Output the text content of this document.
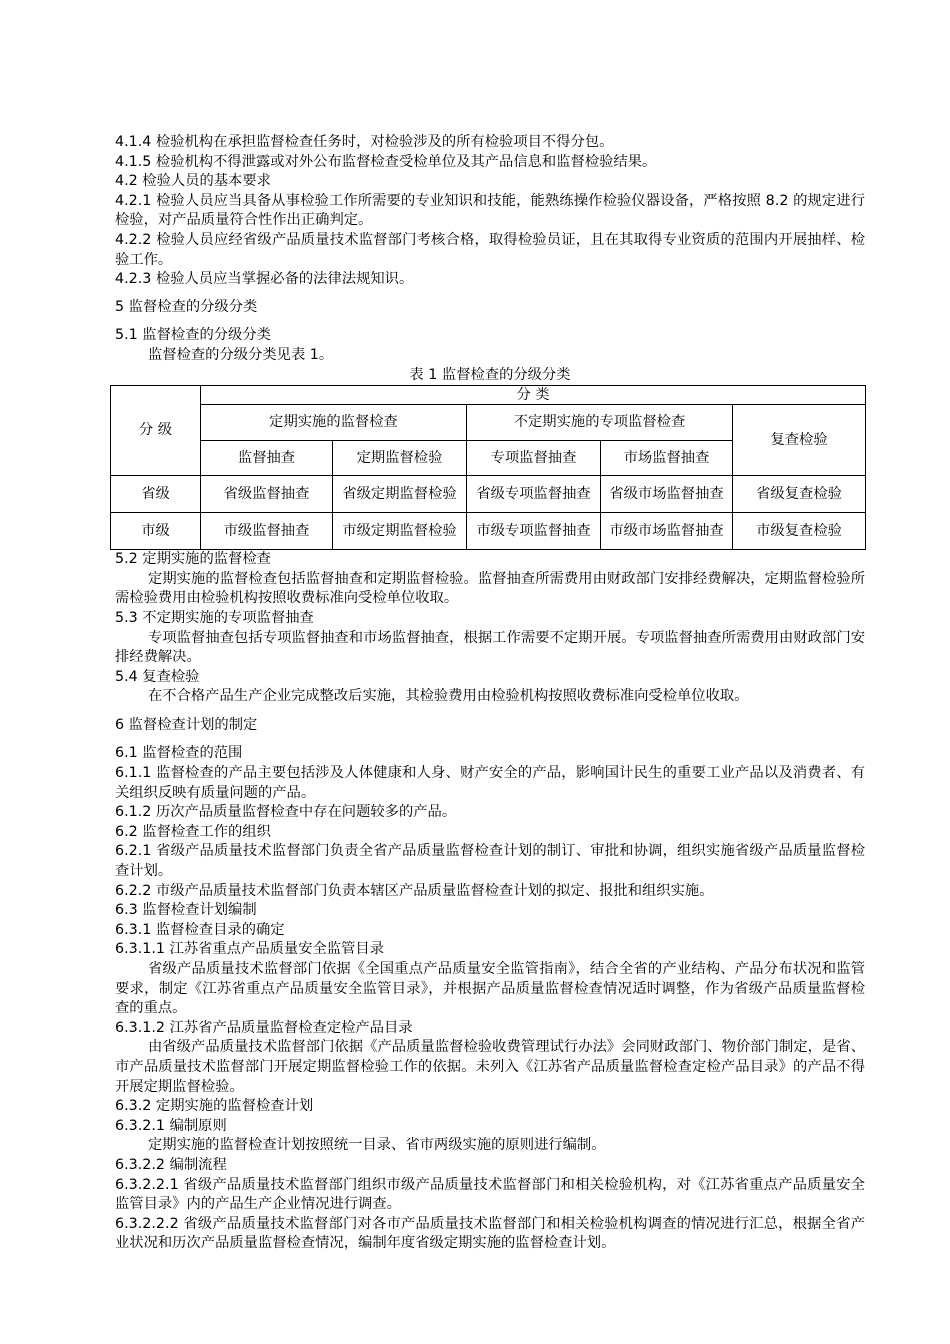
4.1.4 检验机构在承担监督检查任务时，对检验涉及的所有检验项目不得分包。

4.1.5 检验机构不得泄露或对外公布监督检查受检单位及其产品信息和监督检验结果。

4.2 检验人员的基本要求

4.2.1 检验人员应当具备从事检验工作所需要的专业知识和技能，能熟练操作检验仪器设备，严格按照 8.2 的规定进行检验，对产品质量符合性作出正确判定。

4.2.2 检验人员应经省级产品质量技术监督部门考核合格，取得检验员证，且在其取得专业资质的范围内开展抽样、检验工作。

4.2.3 检验人员应当掌握必备的法律法规知识。

5 监督检查的分级分类

5.1 监督检查的分级分类

监督检查的分级分类见表 1。

表 1 监督检查的分级分类
分 级	分 类				
	定期实施的监督检查		不定期实施的专项监督检查		复查检验
	监督抽查	定期监督检验	专项监督抽查	市场监督抽查	
省级	省级监督抽查	省级定期监督检验	省级专项监督抽查	省级市场监督抽查	省级复查检验
市级	市级监督抽查	市级定期监督检验	市级专项监督抽查	市级市场监督抽查	市级复查检验

5.2 定期实施的监督检查

定期实施的监督检查包括监督抽查和定期监督检验。监督抽查所需费用由财政部门安排经费解决，定期监督检验所需检验费用由检验机构按照收费标准向受检单位收取。

5.3 不定期实施的专项监督抽查

专项监督抽查包括专项监督抽查和市场监督抽查，根据工作需要不定期开展。专项监督抽查所需费用由财政部门安排经费解决。

5.4 复查检验

在不合格产品生产企业完成整改后实施，其检验费用由检验机构按照收费标准向受检单位收取。

6 监督检查计划的制定

6.1 监督检查的范围

6.1.1 监督检查的产品主要包括涉及人体健康和人身、财产安全的产品，影响国计民生的重要工业产品以及消费者、有关组织反映有质量问题的产品。

6.1.2 历次产品质量监督检查中存在问题较多的产品。

6.2 监督检查工作的组织

6.2.1 省级产品质量技术监督部门负责全省产品质量监督检查计划的制订、审批和协调，组织实施省级产品质量监督检查计划。

6.2.2 市级产品质量技术监督部门负责本辖区产品质量监督检查计划的拟定、报批和组织实施。

6.3 监督检查计划编制

6.3.1 监督检查目录的确定

6.3.1.1 江苏省重点产品质量安全监管目录

省级产品质量技术监督部门依据《全国重点产品质量安全监管指南》，结合全省的产业结构、产品分布状况和监管要求，制定《江苏省重点产品质量安全监管目录》，并根据产品质量监督检查情况适时调整，作为省级产品质量监督检查的重点。

6.3.1.2 江苏省产品质量监督检查定检产品目录

由省级产品质量技术监督部门依据《产品质量监督检验收费管理试行办法》会同财政部门、物价部门制定，是省、市产品质量技术监督部门开展定期监督检验工作的依据。未列入《江苏省产品质量监督检查定检产品目录》的产品不得开展定期监督检验。

6.3.2 定期实施的监督检查计划

6.3.2.1 编制原则

定期实施的监督检查计划按照统一目录、省市两级实施的原则进行编制。

6.3.2.2 编制流程

6.3.2.2.1 省级产品质量技术监督部门组织市级产品质量技术监督部门和相关检验机构，对《江苏省重点产品质量安全监管目录》内的产品生产企业情况进行调查。

6.3.2.2.2 省级产品质量技术监督部门对各市产品质量技术监督部门和相关检验机构调查的情况进行汇总，根据全省产业状况和历次产品质量监督检查情况，编制年度省级定期实施的监督检查计划。
